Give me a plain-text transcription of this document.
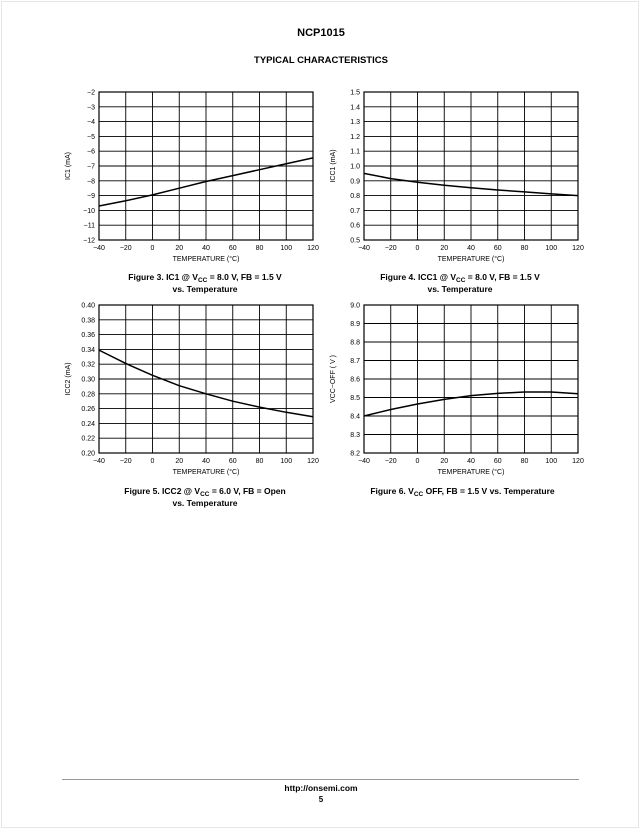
NCP1015
TYPICAL CHARACTERISTICS
−2
−3
−4
−5
−6
−7
−8
−9
−10
−11
−12
−40 −20	0	20	40	60	80 100 120
TEMPERATURE (°C)
IC1 (mA)
Figure 3. IC1 @ $V_{CC} = 8.0$ V, FB = 1.5 V
vs. Temperature
1.5
1.4
1.3
1.2
1.1
1.0
0.9
0.8
0.7
0.6
0.5
−40 −20	0	20	40	60	80 100 120
TEMPERATURE (°C)
ICC1 (mA)
Figure 4. ICC1 @ $V_{CC} = 8.0$ V, FB = 1.5 V
vs. Temperature
0.40
0.38
0.36
0.34
0.32
0.30
0.28
0.26
0.24
0.22
0.20
−40 −20	0	20	40	60	80 100 120
TEMPERATURE (°C)
ICC2 (mA)
Figure 5. ICC2 @ $V_{CC} = 6.0$ V, FB = Open
vs. Temperature
9.0
8.9
8.8
8.7
8.6
8.5
8.4
8.3
8.2
−40 −20	0	20	40	60	80 100 120
TEMPERATURE (°C)
VCC−OFF ( V )
Figure 6. $V_{CC}$ OFF, FB = 1.5 V vs. Temperature
http://onsemi.com
5
